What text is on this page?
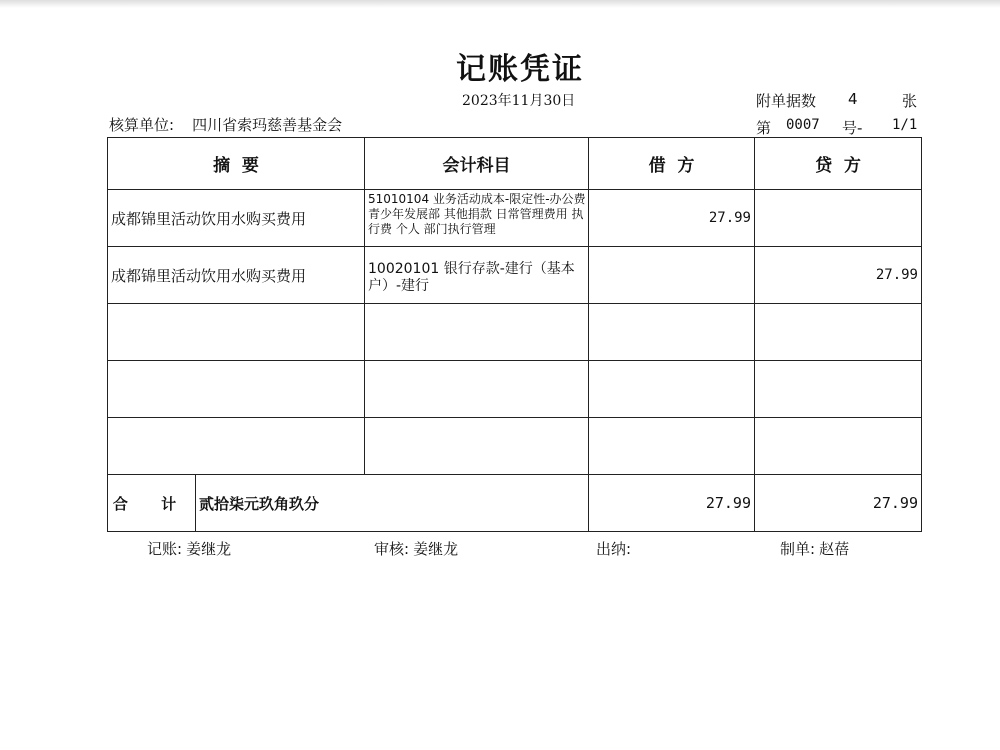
记账凭证
2023年11月30日	附单据数 4	张
核算单位: 四川省索玛慈善基金会	第 0007 号- 1/1
摘  要		会计科目	借  方	贷  方
成都锦里活动饮用水购买费用		51010104 业务活动成本-限定性-办公费 青少年发展部 其他捐款 日常管理费用 执行费 个人 部门执行管理	27.99	
成都锦里活动饮用水购买费用		10020101 银行存款-建行（基本户）-建行		27.99

合 计	贰拾柒元玖角玖分		27.99	27.99
记账: 姜继龙	审核: 姜继龙	出纳:	制单: 赵蓓
